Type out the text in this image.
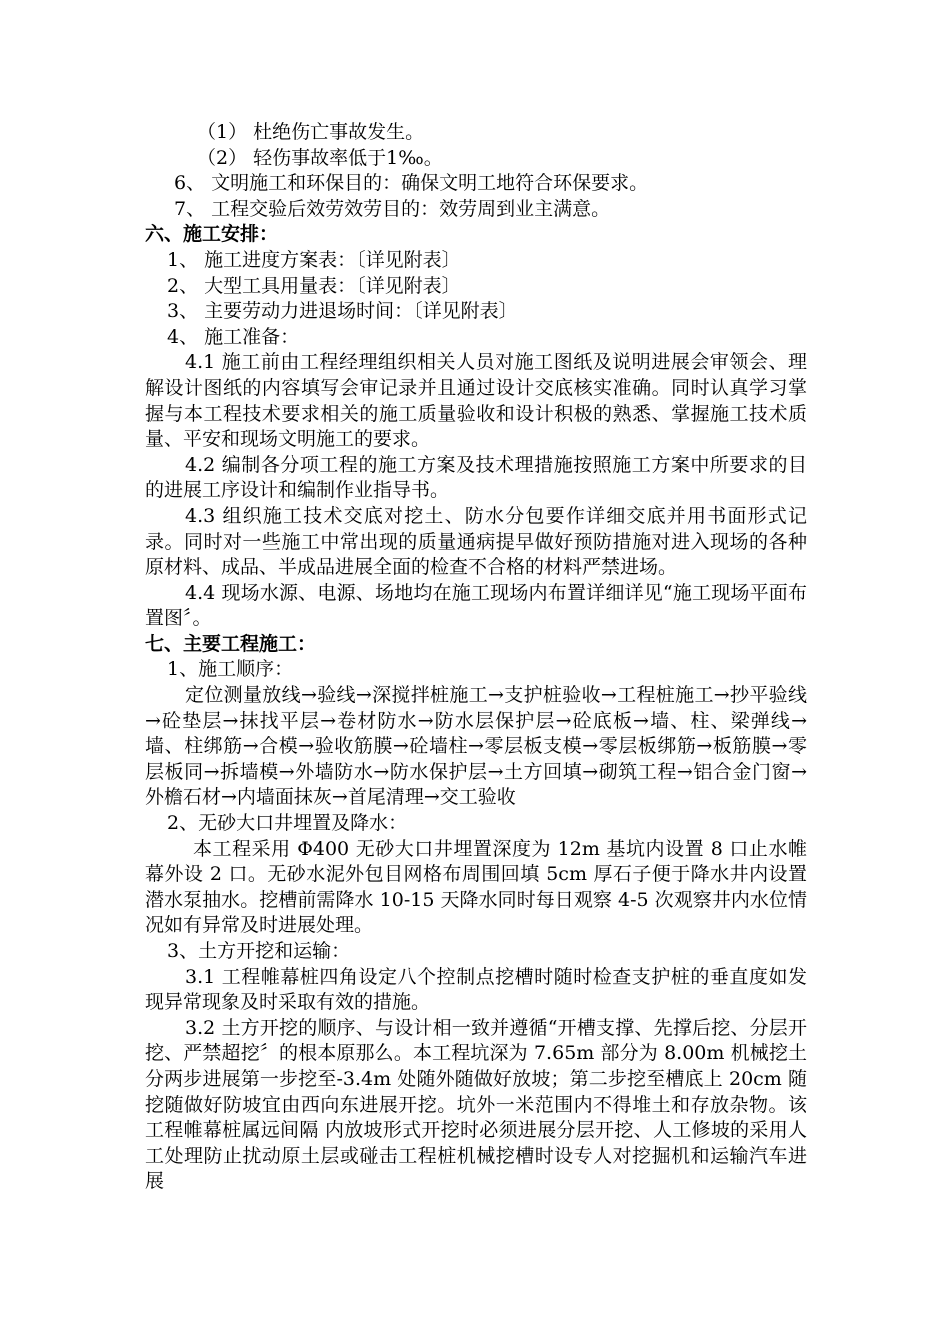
（1） 杜绝伤亡事故发生。

（2） 轻伤事故率低于1‰。

6、 文明施工和环保目的：确保文明工地符合环保要求。

7、 工程交验后效劳效劳目的：效劳周到业主满意。

六、施工安排：

1、 施工进度方案表：〔详见附表〕

2、 大型工具用量表：〔详见附表〕

3、 主要劳动力进退场时间：〔详见附表〕

4、 施工准备：

4.1 施工前由工程经理组织相关人员对施工图纸及说明进展会审领会、理解设计图纸的内容填写会审记录并且通过设计交底核实准确。同时认真学习掌握与本工程技术要求相关的施工质量验收和设计积极的熟悉、掌握施工技术质量、平安和现场文明施工的要求。

4.2 编制各分项工程的施工方案及技术理措施按照施工方案中所要求的目的进展工序设计和编制作业指导书。

4.3 组织施工技术交底对挖土、防水分包要作详细交底并用书面形式记录。同时对一些施工中常出现的质量通病提早做好预防措施对进入现场的各种原材料、成品、半成品进展全面的检查不合格的材料严禁进场。

4.4 现场水源、电源、场地均在施工现场内布置详细详见“施工现场平面布置图〞。

七、主要工程施工：

1、施工顺序：

定位测量放线→验线→深搅拌桩施工→支护桩验收→工程桩施工→抄平验线→砼垫层→抹找平层→卷材防水→防水层保护层→砼底板→墙、柱、梁弹线→墙、柱绑筋→合模→验收筋膜→砼墙柱→零层板支模→零层板绑筋→板筋膜→零层板同→拆墙模→外墙防水→防水保护层→土方回填→砌筑工程→铝合金门窗→外檐石材→内墙面抹灰→首尾清理→交工验收

2、无砂大口井埋置及降水：

本工程采用 Φ400 无砂大口井埋置深度为 12m 基坑内设置 8 口止水帷幕外设 2 口。无砂水泥外包目网格布周围回填 5cm 厚石子便于降水井内设置潜水泵抽水。挖槽前需降水 10-15 天降水同时每日观察 4-5 次观察井内水位情况如有异常及时进展处理。

3、土方开挖和运输：

3.1 工程帷幕桩四角设定八个控制点挖槽时随时检查支护桩的垂直度如发现异常现象及时采取有效的措施。

3.2 土方开挖的顺序、与设计相一致并遵循“开槽支撑、先撑后挖、分层开挖、严禁超挖〞的根本原那么。本工程坑深为 7.65m 部分为 8.00m 机械挖土分两步进展第一步挖至-3.4m 处随外随做好放坡；第二步挖至槽底上 20cm 随挖随做好防坡宜由西向东进展开挖。坑外一米范围内不得堆土和存放杂物。该工程帷幕桩属远间隔 内放坡形式开挖时必须进展分层开挖、人工修坡的采用人工处理防止扰动原土层或碰击工程桩机械挖槽时设专人对挖掘机和运输汽车进展
